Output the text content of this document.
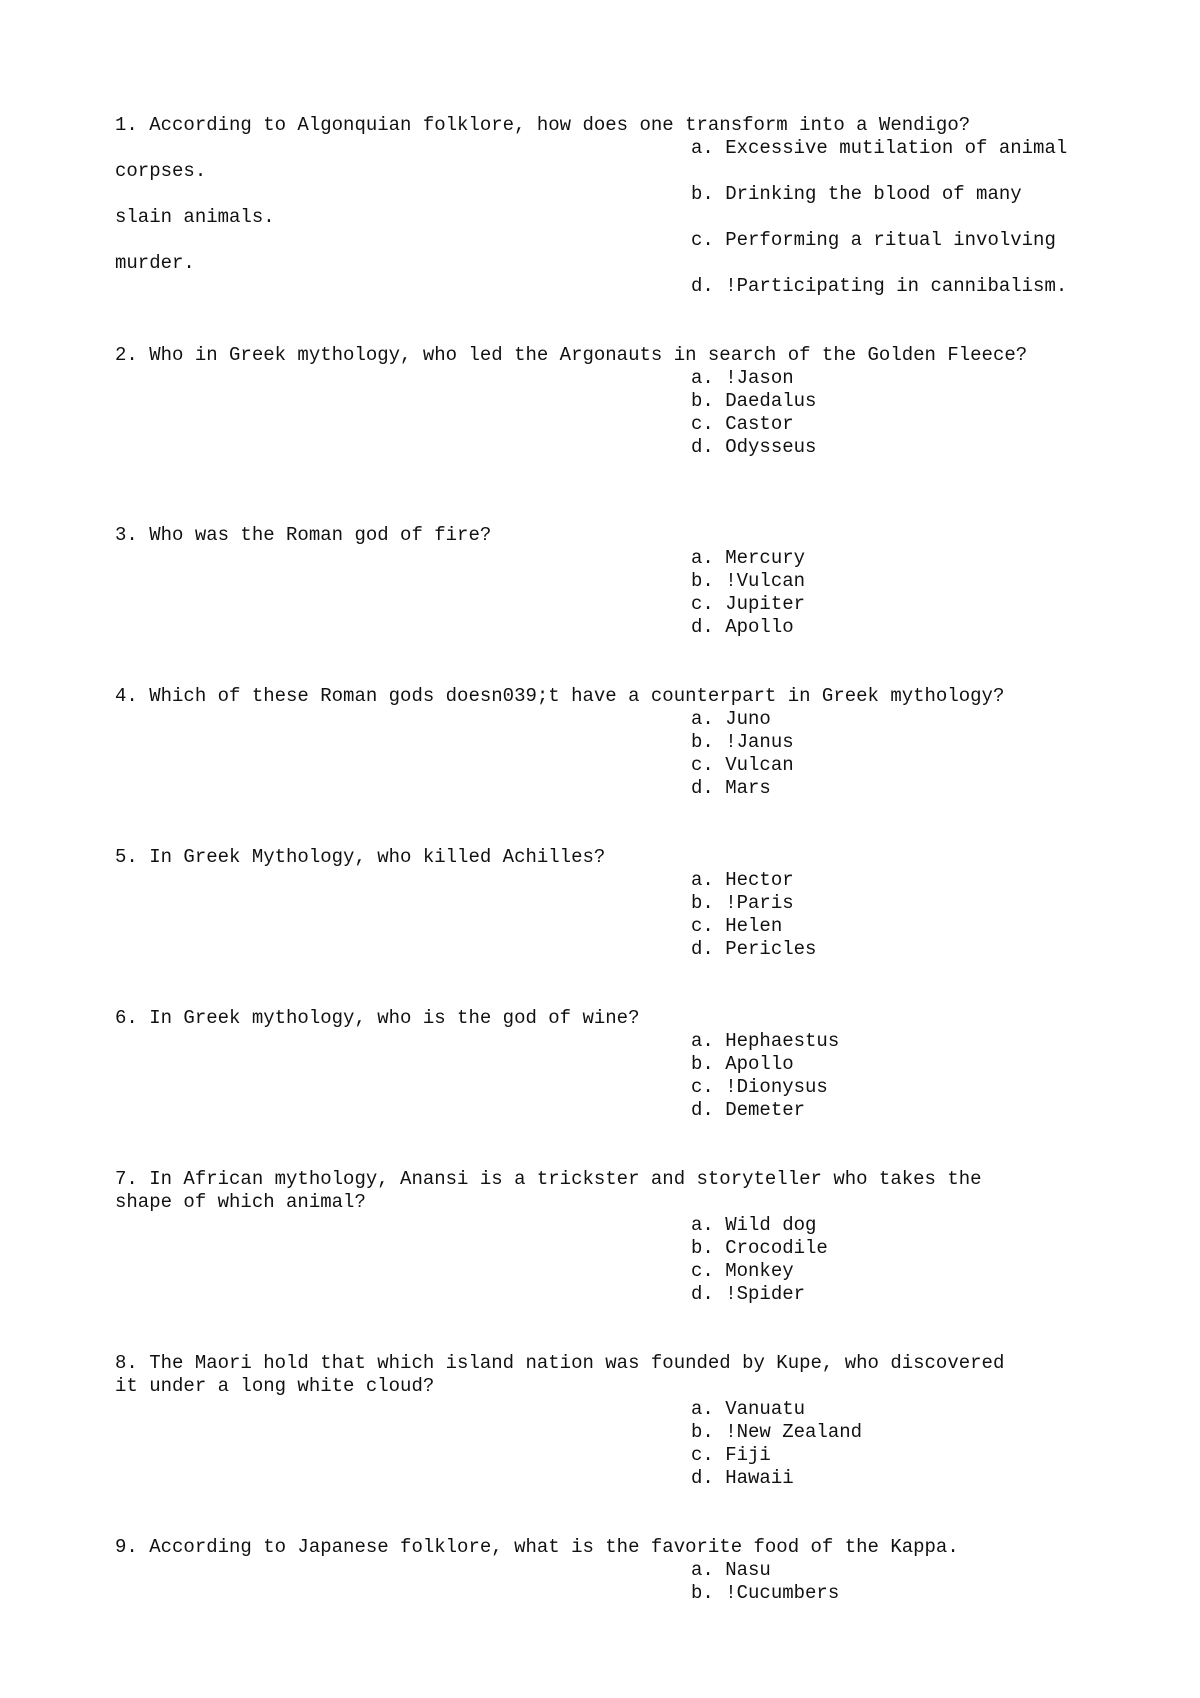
1. According to Algonquian folklore, how does one transform into a Wendigo?
a. Excessive mutilation of animal
corpses.
b. Drinking the blood of many
slain animals.
c. Performing a ritual involving
murder.
d. !Participating in cannibalism.
2. Who in Greek mythology, who led the Argonauts in search of the Golden Fleece?
a. !Jason
b. Daedalus
c. Castor
d. Odysseus
3. Who was the Roman god of fire?
a. Mercury
b. !Vulcan
c. Jupiter
d. Apollo
4. Which of these Roman gods doesn039;t have a counterpart in Greek mythology?
a. Juno
b. !Janus
c. Vulcan
d. Mars
5. In Greek Mythology, who killed Achilles?
a. Hector
b. !Paris
c. Helen
d. Pericles
6. In Greek mythology, who is the god of wine?
a. Hephaestus
b. Apollo
c. !Dionysus
d. Demeter
7. In African mythology, Anansi is a trickster and storyteller who takes the
shape of which animal?
a. Wild dog
b. Crocodile
c. Monkey
d. !Spider
8. The Maori hold that which island nation was founded by Kupe, who discovered
it under a long white cloud?
a. Vanuatu
b. !New Zealand
c. Fiji
d. Hawaii
9. According to Japanese folklore, what is the favorite food of the Kappa.
a. Nasu
b. !Cucumbers
